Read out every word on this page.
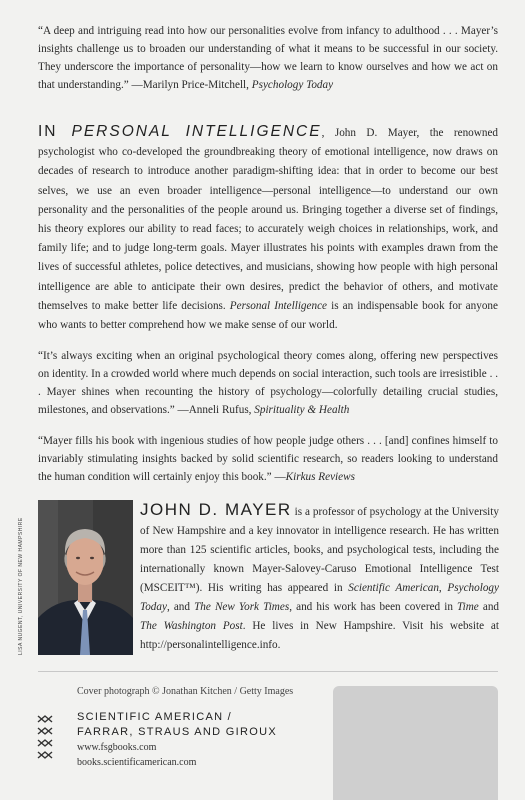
“A deep and intriguing read into how our personalities evolve from infancy to adulthood . . . Mayer’s insights challenge us to broaden our understanding of what it means to be successful in our society. They underscore the importance of personality—how we learn to know ourselves and how we act on that understanding.” —Marilyn Price-Mitchell, Psychology Today

IN PERSONAL INTELLIGENCE, John D. Mayer, the renowned psychologist who co-developed the groundbreaking theory of emotional intelligence, now draws on decades of research to introduce another paradigm-shifting idea: that in order to become our best selves, we use an even broader intelligence—personal intelligence—to understand our own personality and the personalities of the people around us. Bringing together a diverse set of findings, his theory explores our ability to read faces; to accurately weigh choices in relationships, work, and family life; and to judge long-term goals. Mayer illustrates his points with examples drawn from the lives of successful athletes, police detectives, and musicians, showing how people with high personal intelligence are able to anticipate their own desires, predict the behavior of others, and motivate themselves to make better life decisions. Personal Intelligence is an indispensable book for anyone who wants to better comprehend how we make sense of our world.

“It’s always exciting when an original psychological theory comes along, offering new perspectives on identity. In a crowded world where much depends on social interaction, such tools are irresistible . . . Mayer shines when recounting the history of psychology—colorfully detailing crucial studies, milestones, and observations.” —Anneli Rufus, Spirituality & Health

“Mayer fills his book with ingenious studies of how people judge others . . . [and] confines himself to invariably stimulating insights backed by solid scientific research, so readers looking to understand the human condition will certainly enjoy this book.” —Kirkus Reviews

LISA NUGENT, UNIVERSITY OF NEW HAMPSHIRE

JOHN D. MAYER is a professor of psychology at the University of New Hampshire and a key innovator in intelligence research. He has written more than 125 scientific articles, books, and psychological tests, including the internationally known Mayer-Salovey-Caruso Emotional Intelligence Test (MSCEIT™). His writing has appeared in Scientific American, Psychology Today, and The New York Times, and his work has been covered in Time and The Washington Post. He lives in New Hampshire. Visit his website at http://personalintelligence.info.

Cover photograph © Jonathan Kitchen / Getty Images
SCIENTIFIC AMERICAN /
FARRAR, STRAUS AND GIROUX
www.fsgbooks.com
books.scientificamerican.com
